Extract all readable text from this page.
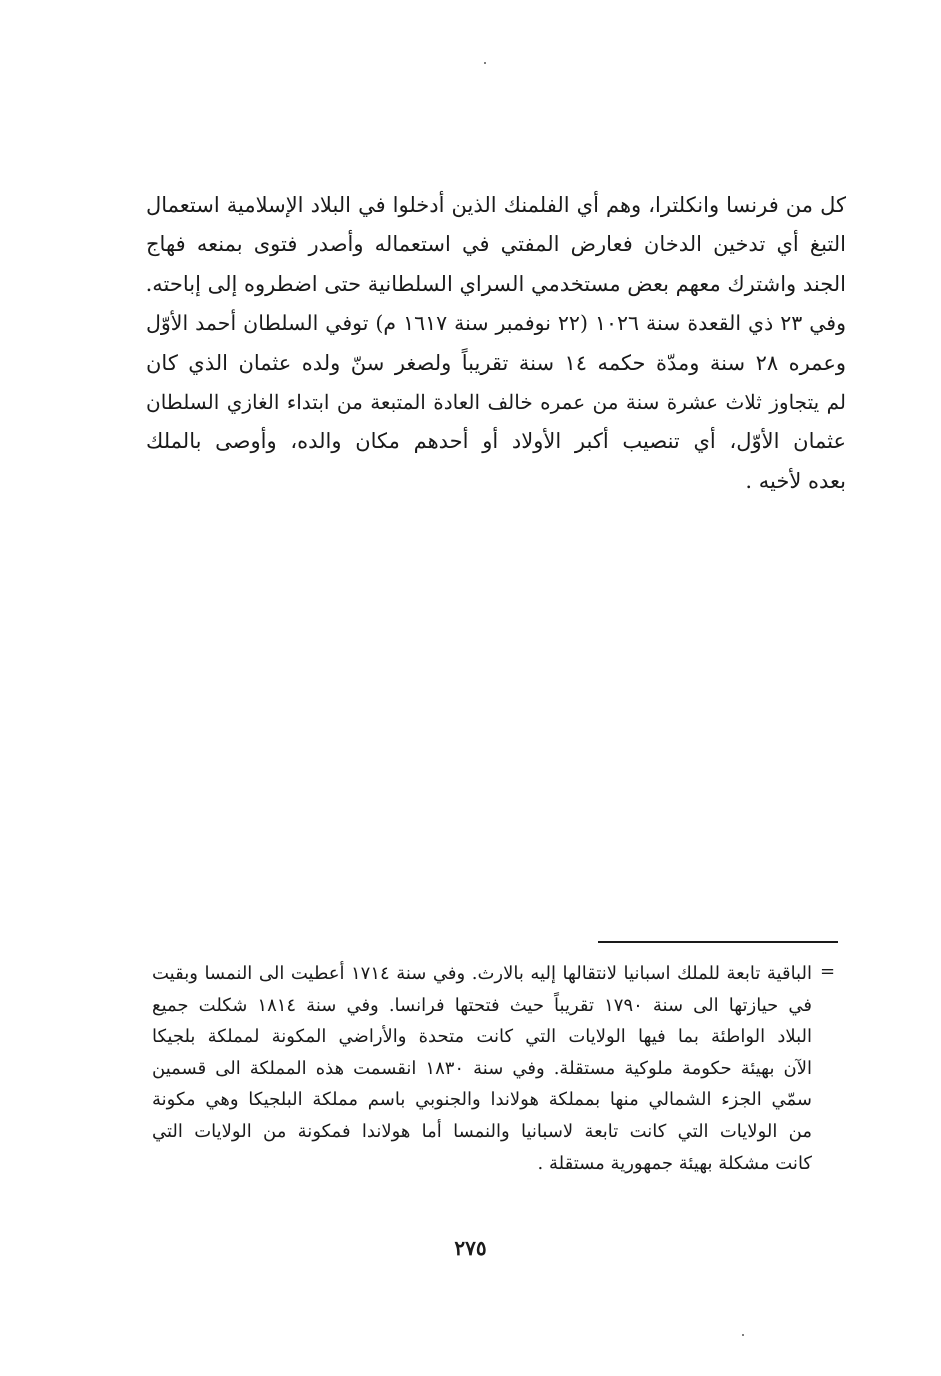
كل من فرنسا وانكلترا، وهم أي الفلمنك الذين أدخلوا في البلاد الإسلامية استعمال
التبغ أي تدخين الدخان فعارض المفتي في استعماله وأصدر فتوى بمنعه فهاج
الجند واشترك معهم بعض مستخدمي السراي السلطانية حتى اضطروه إلى إباحته.
وفي ٢٣ ذي القعدة سنة ١٠٢٦ (٢٢ نوفمبر سنة ١٦١٧ م) توفي السلطان أحمد الأوّل
وعمره ٢٨ سنة ومدّة حكمه ١٤ سنة تقريباً ولصغر سنّ ولده عثمان الذي كان
لم يتجاوز ثلاث عشرة سنة من عمره خالف العادة المتبعة من ابتداء الغازي السلطان
عثمان الأوّل، أي تنصيب أكبر الأولاد أو أحدهم مكان والده، وأوصى بالملك
بعده لأخيه .
=
الباقية تابعة للملك اسبانيا لانتقالها إليه بالارث. وفي سنة ١٧١٤ أعطيت الى النمسا وبقيت
في حيازتها الى سنة ١٧٩٠ تقريباً حيث فتحتها فرانسا. وفي سنة ١٨١٤ شكلت جميع
البلاد الواطئة بما فيها الولايات التي كانت متحدة والأراضي المكونة لمملكة بلجيكا
الآن بهيئة حكومة ملوكية مستقلة. وفي سنة ١٨٣٠ انقسمت هذه المملكة الى قسمين
سمّي الجزء الشمالي منها بمملكة هولاندا والجنوبي باسم مملكة البلجيكا وهي مكونة
من الولايات التي كانت تابعة لاسبانيا والنمسا أما هولاندا فمكونة من الولايات التي
كانت مشكلة بهيئة جمهورية مستقلة .
٢٧٥
